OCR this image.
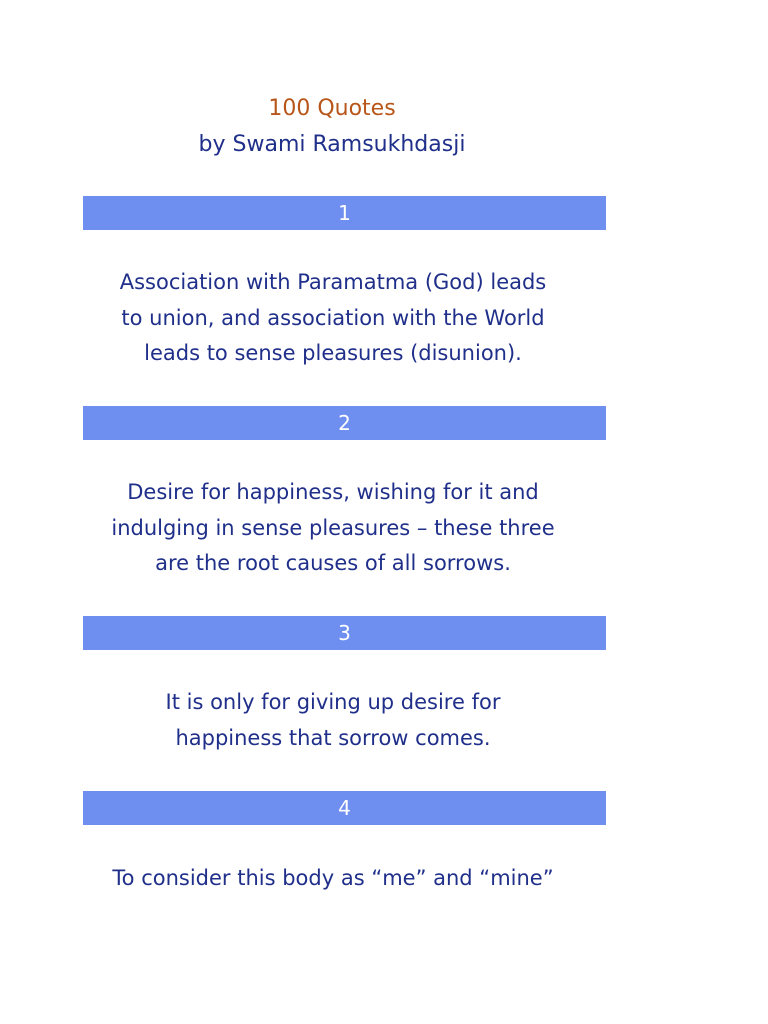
100 Quotes
by Swami Ramsukhdasji
1
Association with Paramatma (God) leads
to union, and association with the World
leads to sense pleasures (disunion).
2
Desire for happiness, wishing for it and
indulging in sense pleasures – these three
are the root causes of all sorrows.
3
It is only for giving up desire for
happiness that sorrow comes.
4
To consider this body as “me” and “mine”
